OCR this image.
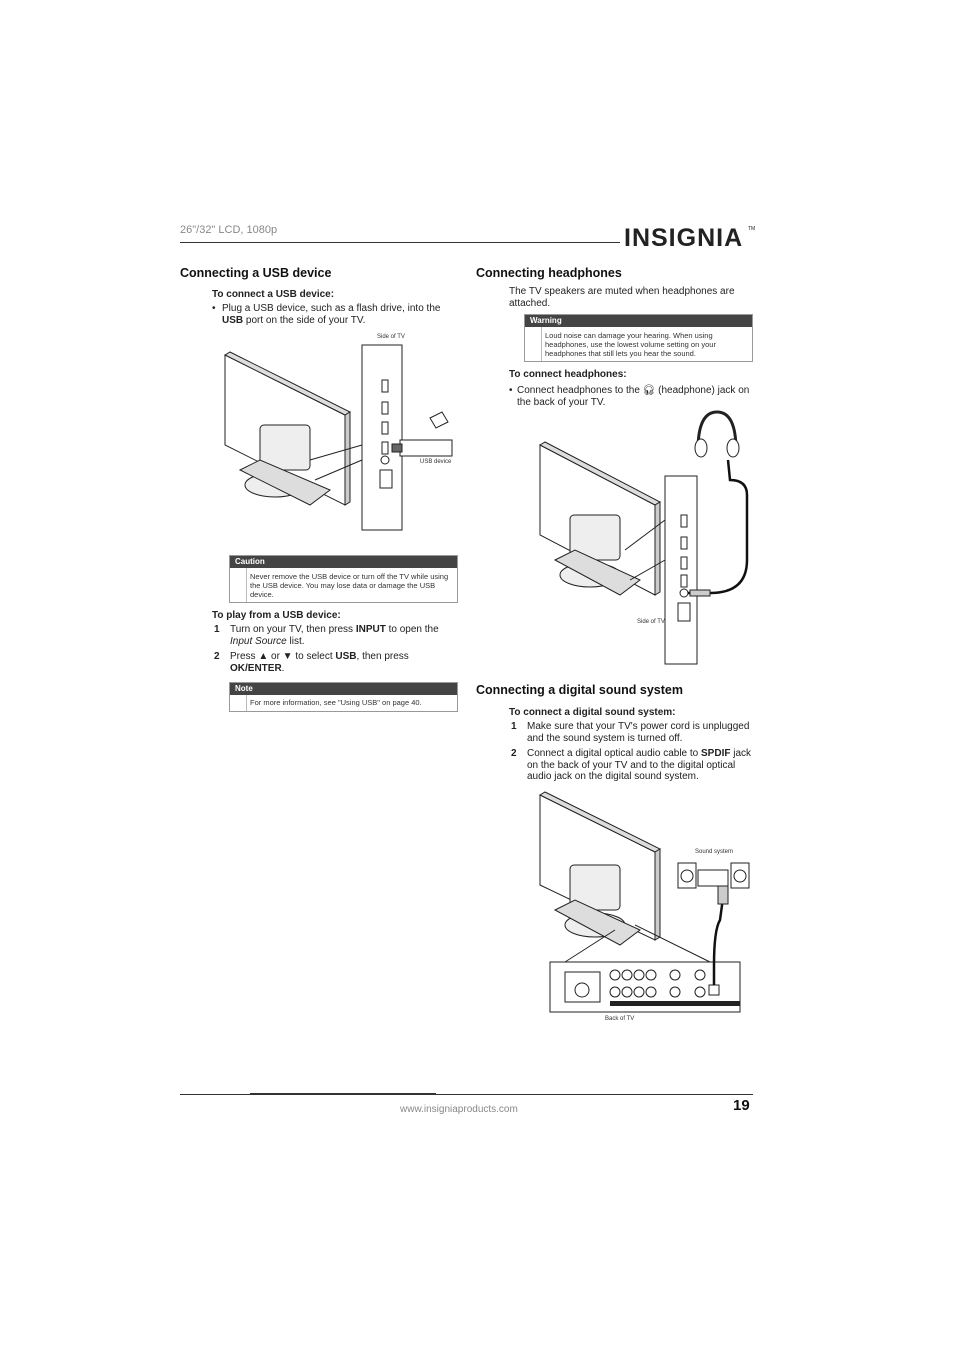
26"/32" LCD, 1080p	INSIGNIA TM
Connecting a USB device
To connect a USB device:
• Plug a USB device, such as a flash drive, into the USB port on the side of your TV.
Side of TV
USB device
Caution
Never remove the USB device or turn off the TV while using the USB device. You may lose data or damage the USB device.
To play from a USB device:
1 Turn on your TV, then press INPUT to open the Input Source list.
2 Press ▲ or ▼ to select USB, then press OK/ENTER.
Note
For more information, see "Using USB" on page 40.
Connecting headphones
The TV speakers are muted when headphones are attached.
Warning
Loud noise can damage your hearing. When using headphones, use the lowest volume setting on your headphones that still lets you hear the sound.
To connect headphones:
• Connect headphones to the 🎧︎ (headphone) jack on the back of your TV.
Side of TV
Connecting a digital sound system
To connect a digital sound system:
1 Make sure that your TV's power cord is unplugged and the sound system is turned off.
2 Connect a digital optical audio cable to SPDIF jack on the back of your TV and to the digital optical audio jack on the digital sound system.
Sound system
Back of TV
www.insigniaproducts.com	19
